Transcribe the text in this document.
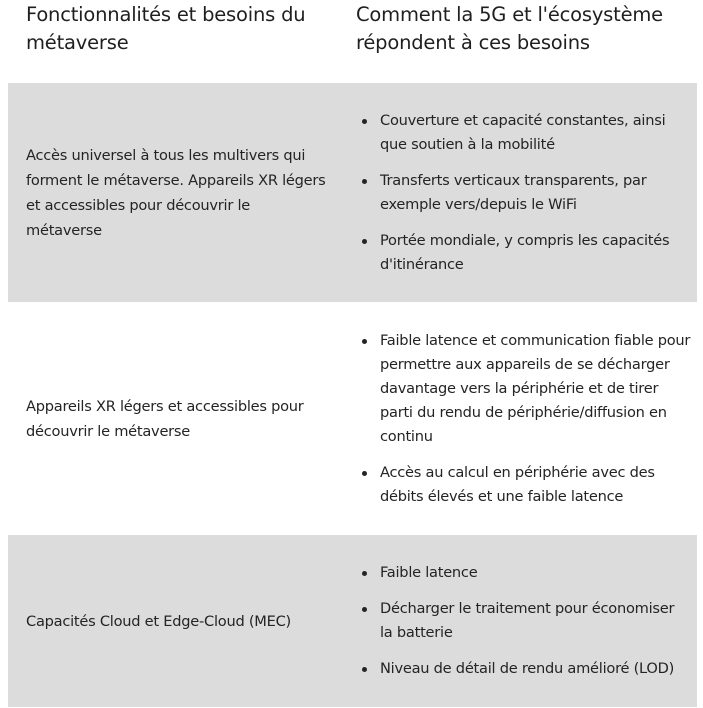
Fonctionnalités et besoins du métaverse
Comment la 5G et l'écosystème répondent à ces besoins
Accès universel à tous les multivers qui forment le métaverse. Appareils XR légers et accessibles pour découvrir le métaverse
Couverture et capacité constantes, ainsi que soutien à la mobilité
Transferts verticaux transparents, par exemple vers/depuis le WiFi
Portée mondiale, y compris les capacités d'itinérance
Appareils XR légers et accessibles pour découvrir le métaverse
Faible latence et communication fiable pour permettre aux appareils de se décharger davantage vers la périphérie et de tirer parti du rendu de périphérie/diffusion en continu
Accès au calcul en périphérie avec des débits élevés et une faible latence
Capacités Cloud et Edge-Cloud (MEC)
Faible latence
Décharger le traitement pour économiser la batterie
Niveau de détail de rendu amélioré (LOD)
